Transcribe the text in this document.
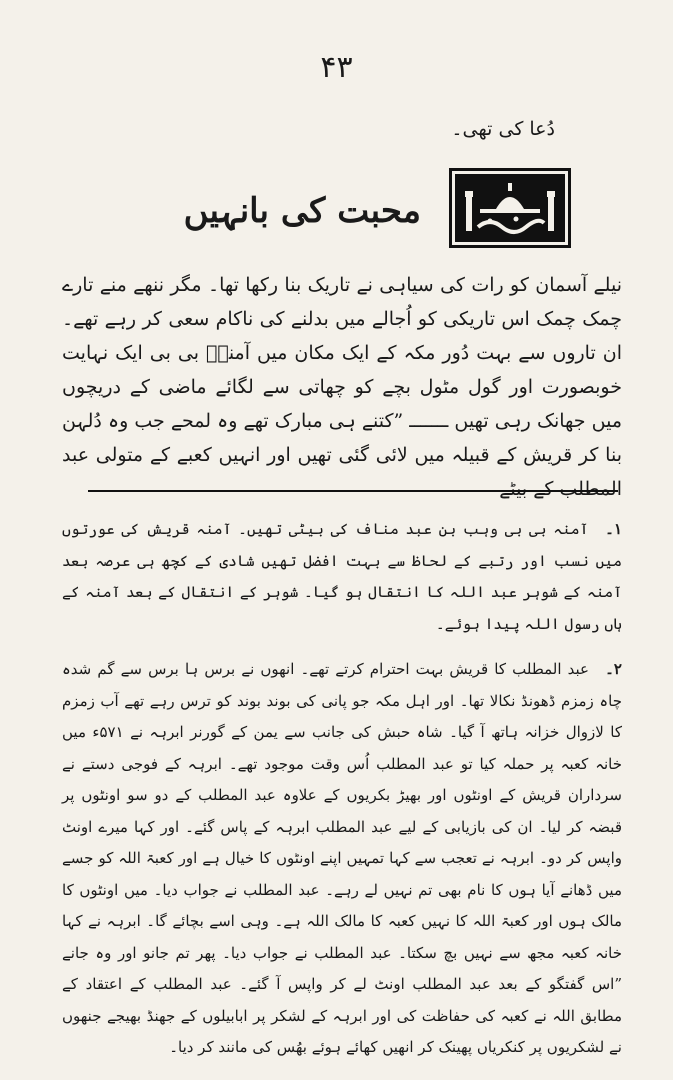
۴۳
دُعا کی تھی۔
محبت کی بانہیں

نیلے آسمان کو رات کی سیاہی نے تاریک بنا رکھا تھا۔ مگر ننھے منے تارے چمک چمک اس تاریکی کو اُجالے میں بدلنے کی ناکام سعی کر رہے تھے۔ ان تاروں سے بہت دُور مکہ کے ایک مکان میں آمنہؓ بی بی ایک نہایت خوبصورت اور گول مٹول بچے کو چھاتی سے لگائے ماضی کے دریچوں میں جھانک رہی تھیں ـــــــ ”کتنے ہی مبارک تھے وہ لمحے جب وہ دُلہن بنا کر قریش کے قبیلہ میں لائی گئی تھیں اور انہیں کعبے کے متولی عبد المطلب کے بیٹے

۱۔ آمنہ بی بی وہب بن عبد مناف کی بیٹی تھیں۔ آمنہ قریش کی عورتوں میں نسب اور رتبے کے لحاظ سے بہت افضل تھیں شادی کے کچھ ہی عرصہ بعد آمنہ کے شوہر عبد اللہ کا انتقال ہو گیا۔ شوہر کے انتقال کے بعد آمنہ کے ہاں رسول اللہ پیدا ہوئے۔

۲۔ عبد المطلب کا قریش بہت احترام کرتے تھے۔ انھوں نے برس ہا برس سے گم شدہ چاہ زمزم ڈھونڈ نکالا تھا۔ اور اہل مکہ جو پانی کی بوند بوند کو ترس رہے تھے آب زمزم کا لازوال خزانہ ہاتھ آ گیا۔ شاہ حبش کی جانب سے یمن کے گورنر ابرہہ نے ۵۷۱ء میں خانہ کعبہ پر حملہ کیا تو عبد المطلب اُس وقت موجود تھے۔ ابرہہ کے فوجی دستے نے سرداران قریش کے اونٹوں اور بھیڑ بکریوں کے علاوہ عبد المطلب کے دو سو اونٹوں پر قبضہ کر لیا۔ ان کی بازیابی کے لیے عبد المطلب ابرہہ کے پاس گئے۔ اور کہا میرے اونٹ واپس کر دو۔ ابرہہ نے تعجب سے کہا تمہیں اپنے اونٹوں کا خیال ہے اور کعبۃ اللہ کو جسے میں ڈھانے آیا ہوں کا نام بھی تم نہیں لے رہے۔ عبد المطلب نے جواب دیا۔ میں اونٹوں کا مالک ہوں اور کعبۃ اللہ کا نہیں کعبہ کا مالک اللہ ہے۔ وہی اسے بچائے گا۔ ابرہہ نے کہا خانہ کعبہ مجھ سے نہیں بچ سکتا۔ عبد المطلب نے جواب دیا۔ پھر تم جانو اور وہ جانے ”اس گفتگو کے بعد عبد المطلب اونٹ لے کر واپس آ گئے۔ عبد المطلب کے اعتقاد کے مطابق اللہ نے کعبہ کی حفاظت کی اور ابرہہ کے لشکر پر ابابیلوں کے جھنڈ بھیجے جنھوں نے لشکریوں پر کنکریاں پھینک کر انھیں کھائے ہوئے بھُس کی مانند کر دیا۔
